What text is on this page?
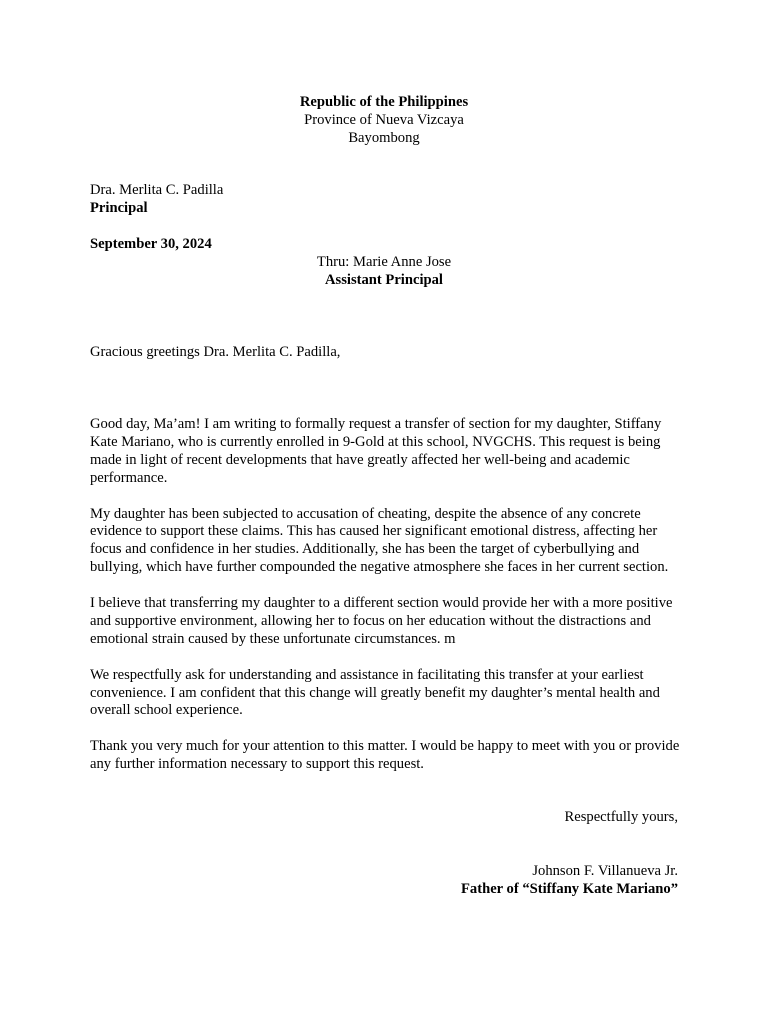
Republic of the Philippines
Province of Nueva Vizcaya
Bayombong
Dra. Merlita C. Padilla
Principal
September 30, 2024
Thru: Marie Anne Jose
Assistant Principal
Gracious greetings Dra. Merlita C. Padilla,

Good day, Ma’am! I am writing to formally request a transfer of section for my daughter, Stiffany Kate Mariano, who is currently enrolled in 9-Gold at this school, NVGCHS. This request is being made in light of recent developments that have greatly affected her well-being and academic performance.

My daughter has been subjected to accusation of cheating, despite the absence of any concrete evidence to support these claims. This has caused her significant emotional distress, affecting her focus and confidence in her studies. Additionally, she has been the target of cyberbullying and bullying, which have further compounded the negative atmosphere she faces in her current section.

I believe that transferring my daughter to a different section would provide her with a more positive and supportive environment, allowing her to focus on her education without the distractions and emotional strain caused by these unfortunate circumstances. m

We respectfully ask for understanding and assistance in facilitating this transfer at your earliest convenience. I am confident that this change will greatly benefit my daughter’s mental health and overall school experience.

Thank you very much for your attention to this matter. I would be happy to meet with you or provide any further information necessary to support this request.

Respectfully yours,
Johnson F. Villanueva Jr.
Father of “Stiffany Kate Mariano”
